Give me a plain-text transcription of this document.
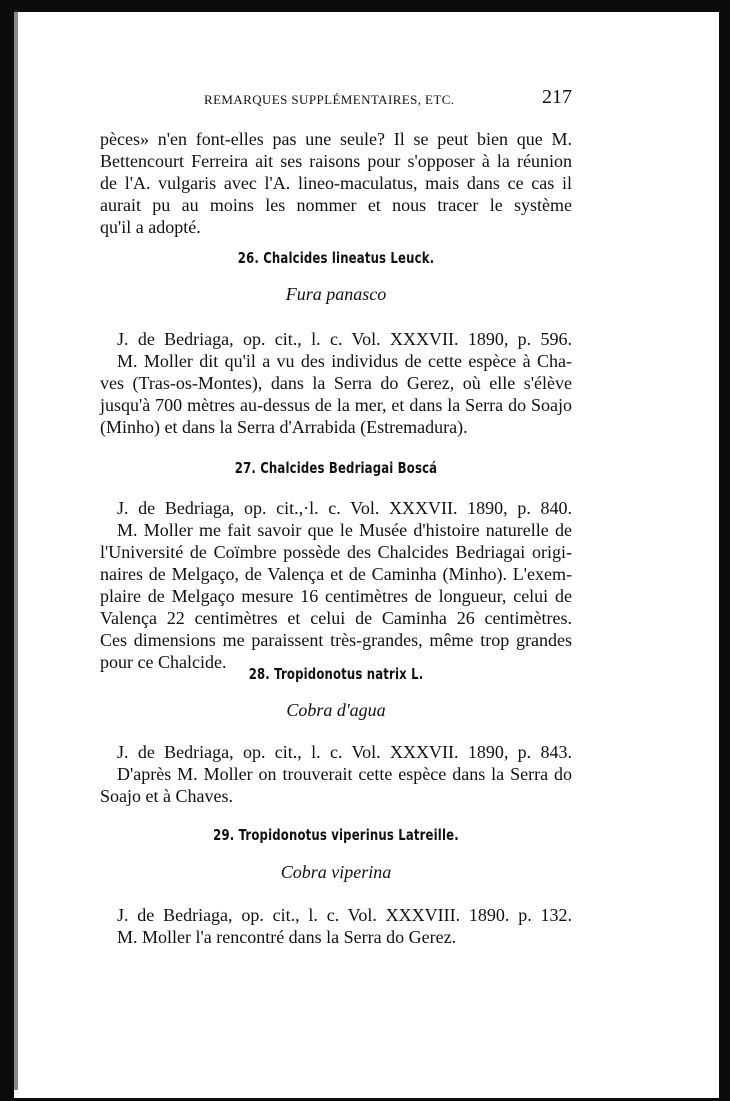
REMARQUES SUPPLÉMENTAIRES, ETC.	217
pèces» n'en font-elles pas une seule? Il se peut bien que M.
Bettencourt Ferreira ait ses raisons pour s'opposer à la réunion
de l'A. vulgaris avec l'A. lineo-maculatus, mais dans ce cas il
aurait pu au moins les nommer et nous tracer le système
qu'il a adopté.
26. Chalcides lineatus Leuck.
Fura panasco
J. de Bedriaga, op. cit., l. c. Vol. XXXVII. 1890, p. 596.
M. Moller dit qu'il a vu des individus de cette espèce à Cha-
ves (Tras-os-Montes), dans la Serra do Gerez, où elle s'élève
jusqu'à 700 mètres au-dessus de la mer, et dans la Serra do Soajo
(Minho) et dans la Serra d'Arrabida (Estremadura).
27. Chalcides Bedriagai Boscá
J. de Bedriaga, op. cit.,·l. c. Vol. XXXVII. 1890, p. 840.
M. Moller me fait savoir que le Musée d'histoire naturelle de
l'Université de Coïmbre possède des Chalcides Bedriagai origi-
naires de Melgaço, de Valença et de Caminha (Minho). L'exem-
plaire de Melgaço mesure 16 centimètres de longueur, celui de
Valença 22 centimètres et celui de Caminha 26 centimètres.
Ces dimensions me paraissent très-grandes, même trop grandes
pour ce Chalcide.
28. Tropidonotus natrix L.
Cobra d'agua
J. de Bedriaga, op. cit., l. c. Vol. XXXVII. 1890, p. 843.
D'après M. Moller on trouverait cette espèce dans la Serra do
Soajo et à Chaves.
29. Tropidonotus viperinus Latreille.
Cobra viperina
J. de Bedriaga, op. cit., l. c. Vol. XXXVIII. 1890. p. 132.
M. Moller l'a rencontré dans la Serra do Gerez.
